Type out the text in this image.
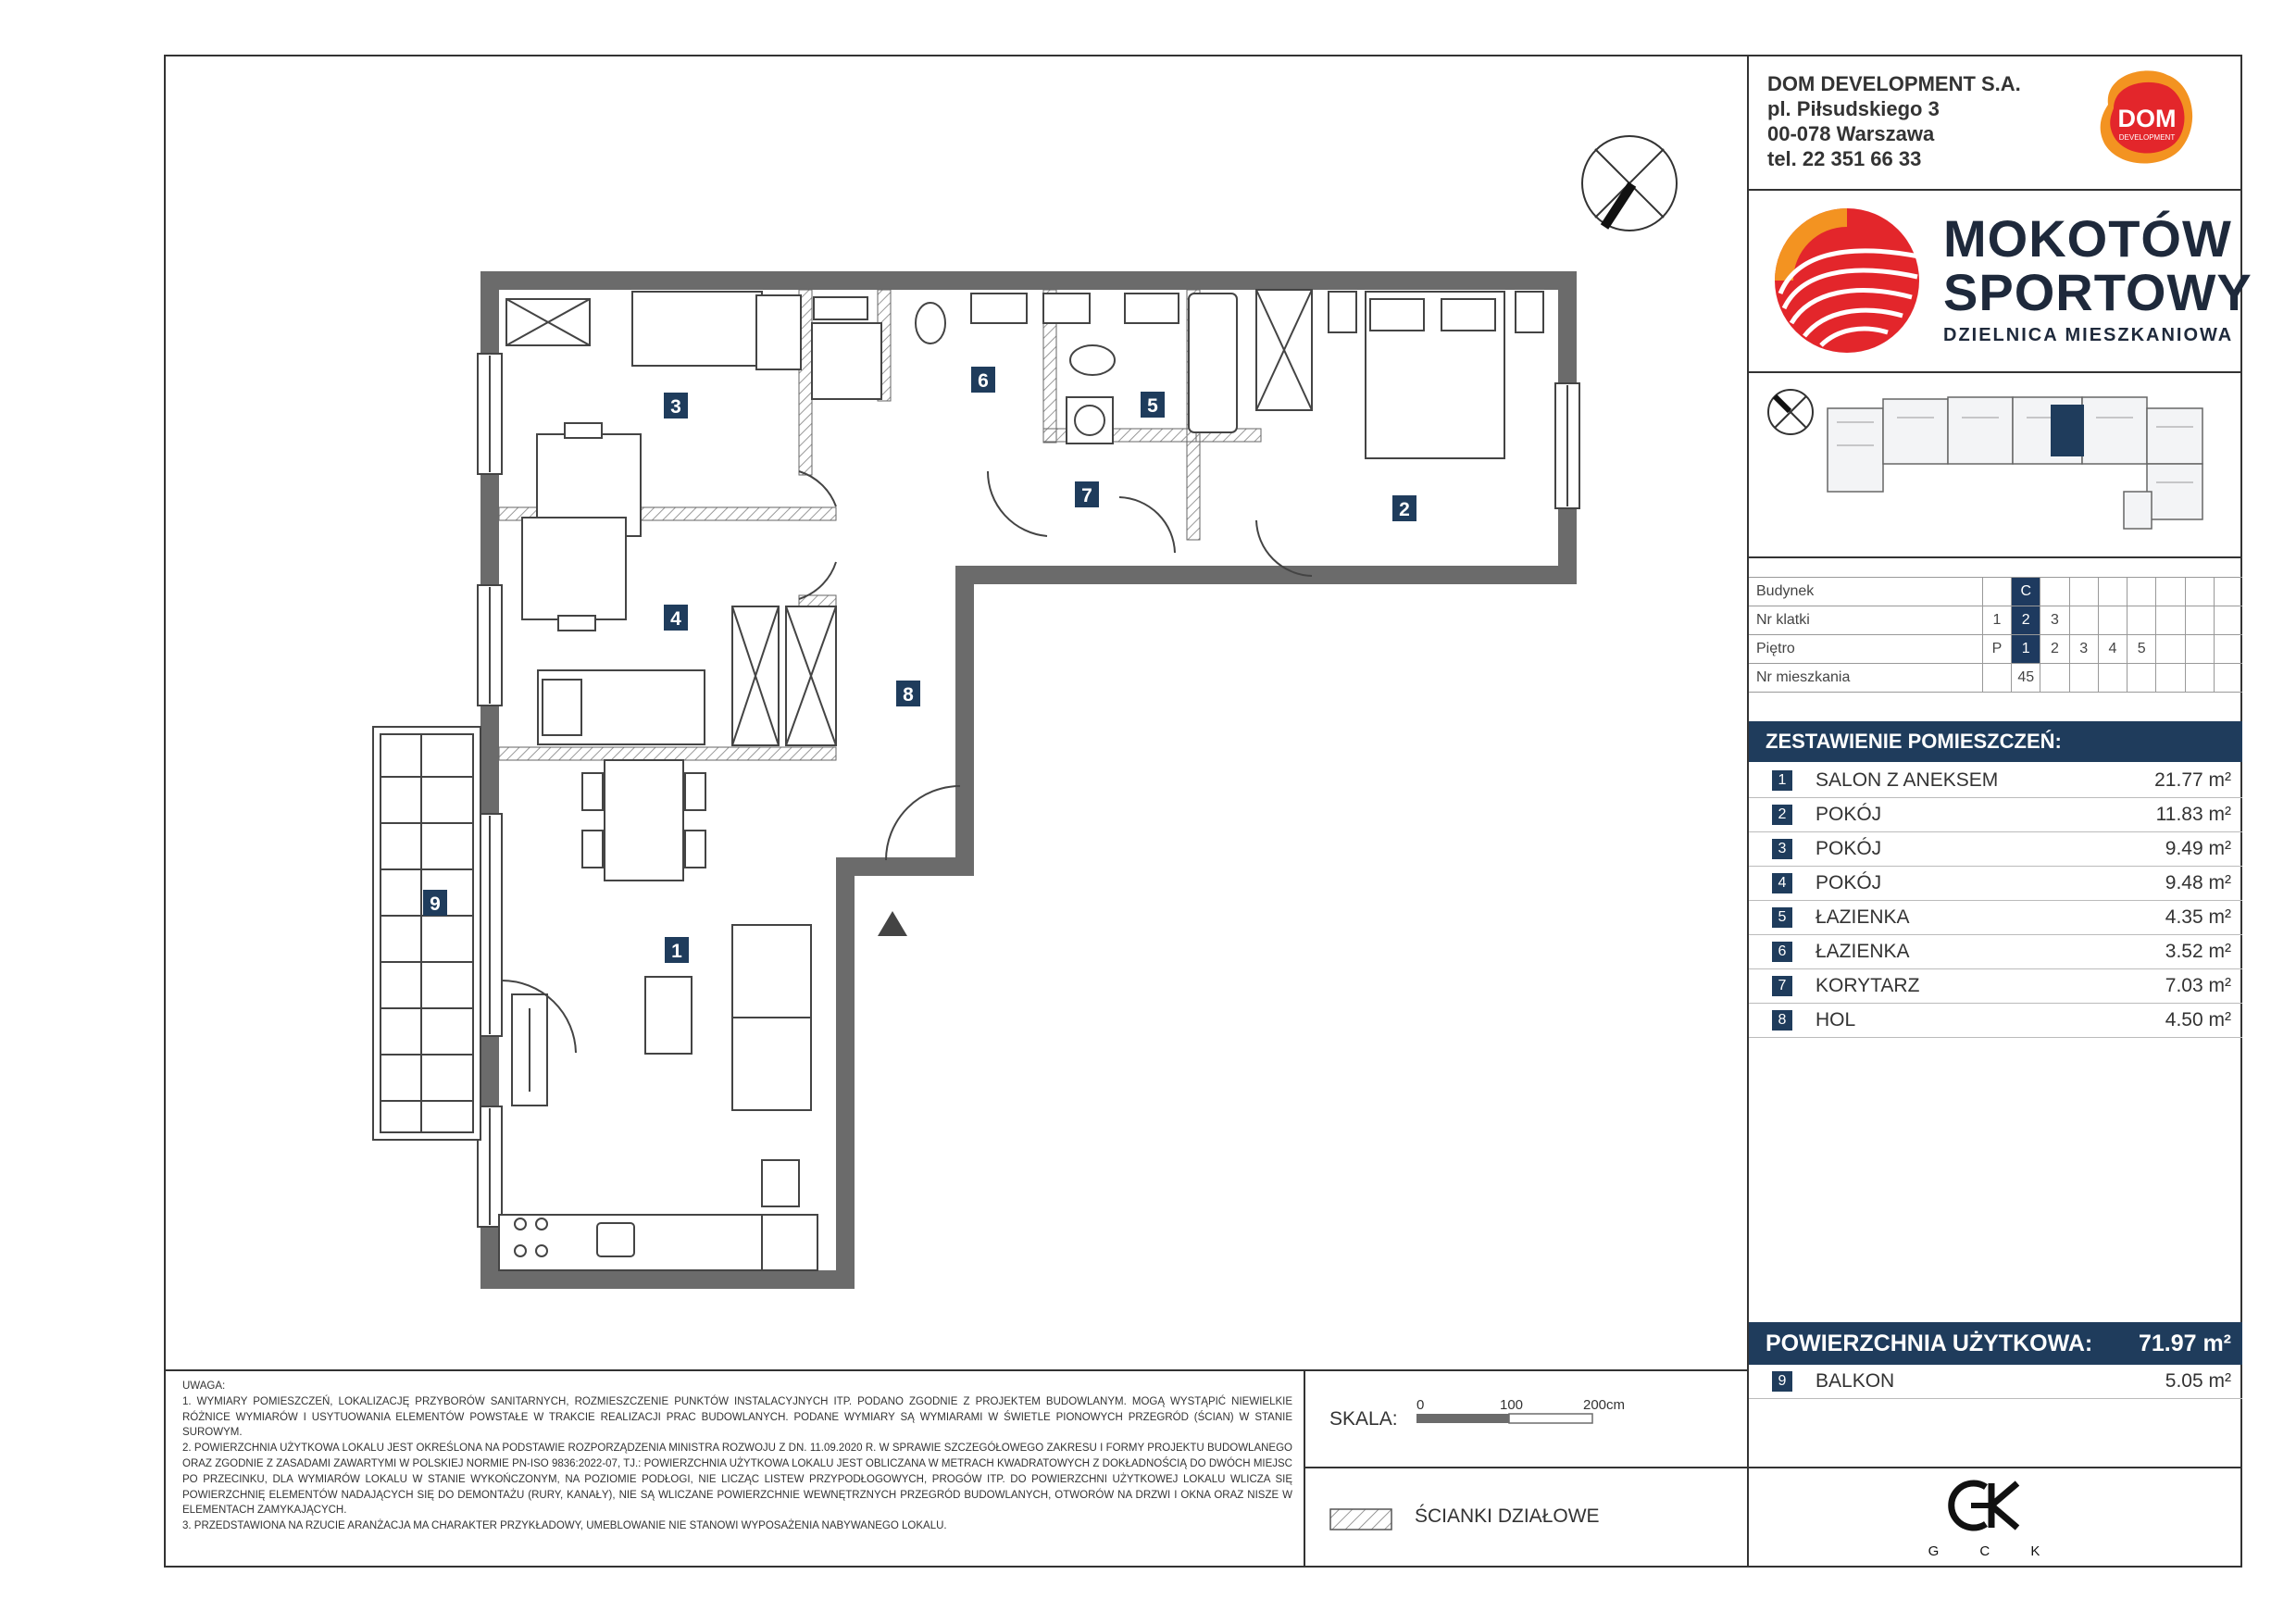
1
2
3
4
5
6
7
8
9
DOM DEVELOPMENT S.A.
pl. Piłsudskiego 3
00-078 Warszawa
tel. 22 351 66 33
DOM
DEVELOPMENT
MOKOTÓW
SPORTOWY
DZIELNICA MIESZKANIOWA
Budynek		C							
Nr klatki	1	2	3						
Piętro	P	1	2	3	4	5			
Nr mieszkania		45							
ZESTAWIENIE POMIESZCZEŃ:
1	SALON Z ANEKSEM	21.77 m²
2	POKÓJ	11.83 m²
3	POKÓJ	9.49 m²
4	POKÓJ	9.48 m²
5	ŁAZIENKA	4.35 m²
6	ŁAZIENKA	3.52 m²
7	KORYTARZ	7.03 m²
8	HOL	4.50 m²
POWIERZCHNIA UŻYTKOWA: 71.97 m²
9	BALKON	5.05 m²
G C K

UWAGA:

1. WYMIARY POMIESZCZEŃ, LOKALIZACJĘ PRZYBORÓW SANITARNYCH, ROZMIESZCZENIE PUNKTÓW INSTALACYJNYCH ITP. PODANO ZGODNIE Z PROJEKTEM BUDOWLANYM. MOGĄ WYSTĄPIĆ NIEWIELKIE RÓŻNICE WYMIARÓW I USYTUOWANIA ELEMENTÓW POWSTAŁE W TRAKCIE REALIZACJI PRAC BUDOWLANYCH. PODANE WYMIARY SĄ WYMIARAMI W ŚWIETLE PIONOWYCH PRZEGRÓD (ŚCIAN) W STANIE SUROWYM.

2. POWIERZCHNIA UŻYTKOWA LOKALU JEST OKREŚLONA NA PODSTAWIE ROZPORZĄDZENIA MINISTRA ROZWOJU Z DN. 11.09.2020 R. W SPRAWIE SZCZEGÓŁOWEGO ZAKRESU I FORMY PROJEKTU BUDOWLANEGO ORAZ ZGODNIE Z ZASADAMI ZAWARTYMI W POLSKIEJ NORMIE PN-ISO 9836:2022-07, TJ.: POWIERZCHNIA UŻYTKOWA LOKALU JEST OBLICZANA W METRACH KWADRATOWYCH Z DOKŁADNOŚCIĄ DO DWÓCH MIEJSC PO PRZECINKU, DLA WYMIARÓW LOKALU W STANIE WYKOŃCZONYM, NA POZIOMIE PODŁOGI, NIE LICZĄC LISTEW PRZYPODŁOGOWYCH, PROGÓW ITP. DO POWIERZCHNI UŻYTKOWEJ LOKALU WLICZA SIĘ POWIERZCHNIĘ ELEMENTÓW NADAJĄCYCH SIĘ DO DEMONTAŻU (RURY, KANAŁY), NIE SĄ WLICZANE POWIERZCHNIE WEWNĘTRZNYCH PRZEGRÓD BUDOWLANYCH, OTWORÓW NA DRZWI I OKNA ORAZ NISZE W ELEMENTACH ZAMYKAJĄCYCH.

3. PRZEDSTAWIONA NA RZUCIE ARANŻACJA MA CHARAKTER PRZYKŁADOWY, UMEBLOWANIE NIE STANOWI WYPOSAŻENIA NABYWANEGO LOKALU.

SKALA:
0	100	200cm
ŚCIANKI DZIAŁOWE
